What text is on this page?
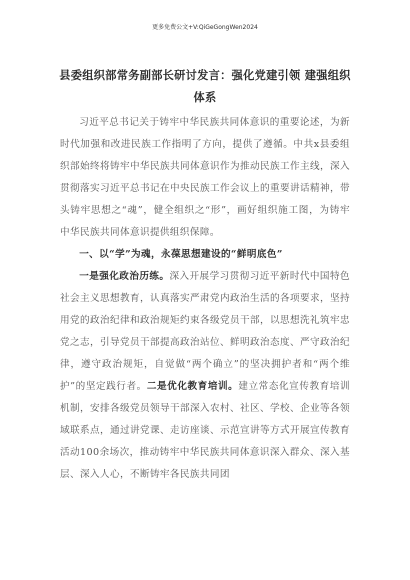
更多免费公文+V:QiGeGongWen2024
县委组织部常务副部长研讨发言：强化党建引领 建强组织体系

习近平总书记关于铸牢中华民族共同体意识的重要论述，为新时代加强和改进民族工作指明了方向，提供了遵循。中共x县委组织部始终将铸牢中华民族共同体意识作为推动民族工作主线，深入贯彻落实习近平总书记在中央民族工作会议上的重要讲话精神，带头铸牢思想之“魂”，健全组织之“形”，画好组织施工图，为铸牢中华民族共同体意识提供组织保障。

一、以“学”为魂，永葆思想建设的“鲜明底色”

一是强化政治历练。深入开展学习贯彻习近平新时代中国特色社会主义思想教育，认真落实严肃党内政治生活的各项要求，坚持用党的政治纪律和政治规矩约束各级党员干部，以思想洗礼筑牢忠党之志，引导党员干部提高政治站位、鲜明政治态度、严守政治纪律，遵守政治规矩，自觉做“两个确立”的坚决拥护者和“两个维护”的坚定践行者。二是优化教育培训。建立常态化宣传教育培训机制，安排各级党员领导干部深入农村、社区、学校、企业等各领域联系点，通过讲党课、走访座谈、示范宣讲等方式开展宣传教育活动100余场次，推动铸牢中华民族共同体意识深入群众、深入基层、深入人心，不断铸牢各民族共同团
